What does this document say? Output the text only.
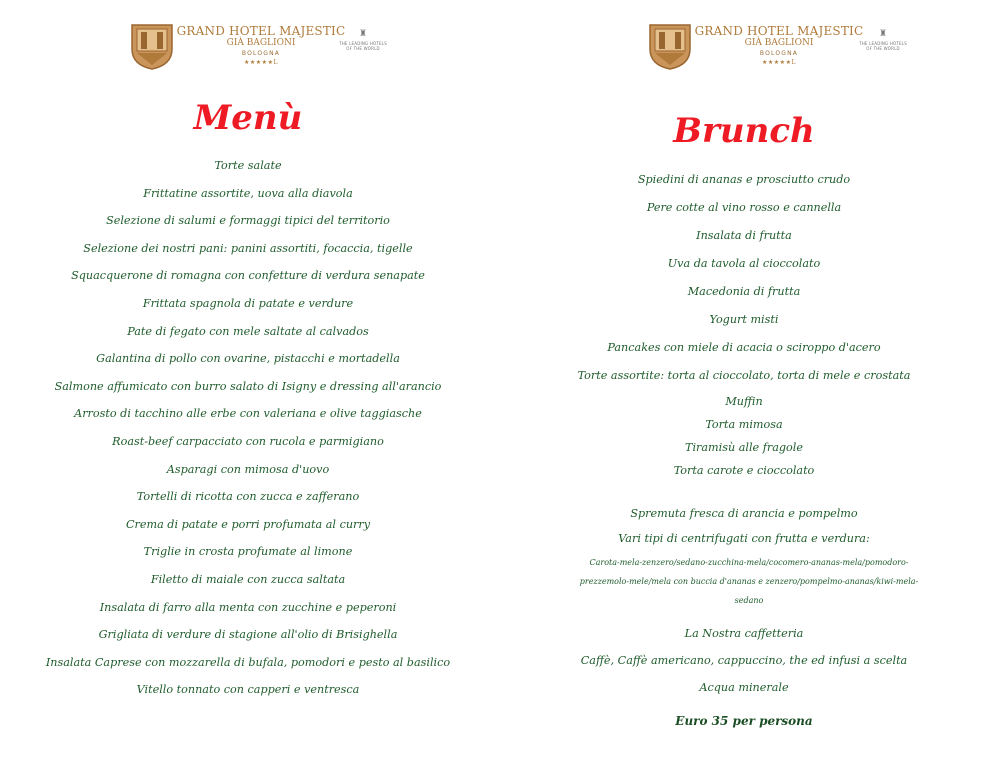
GRAND HOTEL MAJESTIC
GIÀ BAGLIONI
BOLOGNA
★★★★★L
♜
THE LEADING HOTELS OF THE WORLD
Menù
Torte salate
Frittatine assortite, uova alla diavola
Selezione di salumi e formaggi tipici del territorio
Selezione dei nostri pani: panini assortiti, focaccia, tigelle
Squacquerone di romagna con confetture di verdura senapate
Frittata spagnola di patate e verdure
Pate di fegato con mele saltate al calvados
Galantina di pollo con ovarine, pistacchi e mortadella
Salmone affumicato con burro salato di Isigny e dressing all'arancio
Arrosto di tacchino alle erbe con valeriana e olive taggiasche
Roast-beef carpacciato con rucola e parmigiano
Asparagi con mimosa d'uovo
Tortelli di ricotta con zucca e zafferano
Crema di patate e porri profumata al curry
Triglie in crosta profumate al limone
Filetto di maiale con zucca saltata
Insalata di farro alla menta con zucchine e peperoni
Grigliata di verdure di stagione all'olio di Brisighella
Insalata Caprese con mozzarella di bufala, pomodori e pesto al basilico
Vitello tonnato con capperi e ventresca
GRAND HOTEL MAJESTIC
GIÀ BAGLIONI
BOLOGNA
★★★★★L
♜
THE LEADING HOTELS OF THE WORLD
Brunch
Spiedini di ananas e prosciutto crudo
Pere cotte al vino rosso e cannella
Insalata di frutta
Uva da tavola al cioccolato
Macedonia di frutta
Yogurt misti
Pancakes con miele di acacia o sciroppo d'acero
Torte assortite: torta al cioccolato, torta di mele e crostata
Muffin
Torta mimosa
Tiramisù alle fragole
Torta carote e cioccolato
Spremuta fresca di arancia e pompelmo
Vari tipi di centrifugati con frutta e verdura:
Carota-mela-zenzero/sedano-zucchina-mela/cocomero-ananas-mela/pomodoro-
prezzemolo-mele/mela con buccia d'ananas e zenzero/pompelmo-ananas/kiwi-mela-
sedano
La Nostra caffetteria
Caffè, Caffè americano, cappuccino, the ed infusi a scelta
Acqua minerale
Euro 35 per persona
